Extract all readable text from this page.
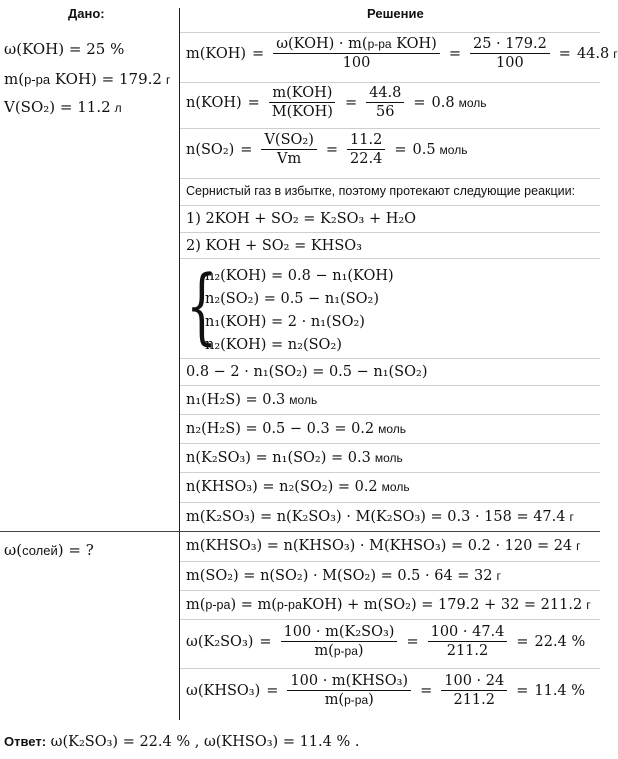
Дано:	Решение
ω(KOH) = 25 %
m(р-ра KOH) = 179.2 г
V(SO₂) = 11.2 л
ω(солей) = ?
$m(KOH) = \frac{\text{ω(KOH) · m(р-ра KOH)}}{100} = \frac{25 \cdot 179.2}{100} = 44.8$ г
$n(KOH) = \frac{\text{m(KOH)}}{\text{M(KOH)}} = \frac{44.8}{56} = 0.8$ моль
$n(SO_2) = \frac{\text{V(SO₂)}}{Vm} = \frac{11.2}{22.4} = 0.5$ моль
Сернистый газ в избытке, поэтому протекают следующие реакции:
1) 2KOH + SO₂ = K₂SO₃ + H₂O
2) KOH + SO₂ = KHSO₃
{
n₂(KOH) = 0.8 − n₁(KOH)
n₂(SO₂) = 0.5 − n₁(SO₂)
n₁(KOH) = 2 · n₁(SO₂)
n₂(KOH) = n₂(SO₂)
0.8 − 2 · n₁(SO₂) = 0.5 − n₁(SO₂)
n₁(H₂S) = 0.3 моль
n₂(H₂S) = 0.5 − 0.3 = 0.2 моль
n(K₂SO₃) = n₁(SO₂) = 0.3 моль
n(KHSO₃) = n₂(SO₂) = 0.2 моль
m(K₂SO₃) = n(K₂SO₃) · M(K₂SO₃) = 0.3 · 158 = 47.4 г
m(KHSO₃) = n(KHSO₃) · M(KHSO₃) = 0.2 · 120 = 24 г
m(SO₂) = n(SO₂) · M(SO₂) = 0.5 · 64 = 32 г
m( р-ра ) = m( р-ра KOH) + m(SO₂) = 179.2 + 32 = 211.2 г
$\omega(K_2SO_3) = \frac{\text{100 · m(K₂SO₃)}}{m(р-ра)} = \frac{100 \cdot 47.4}{211.2} = 22.4$ %
ω(KHSO₃) = $\frac{\text{100 · m(KHSO₃)}}{m(р-ра)} = \frac{100 \cdot 24}{211.2} = 11.4$ %
Ответ: ω(K₂SO₃) = 22.4 % , ω(KHSO₃) = 11.4 % .
